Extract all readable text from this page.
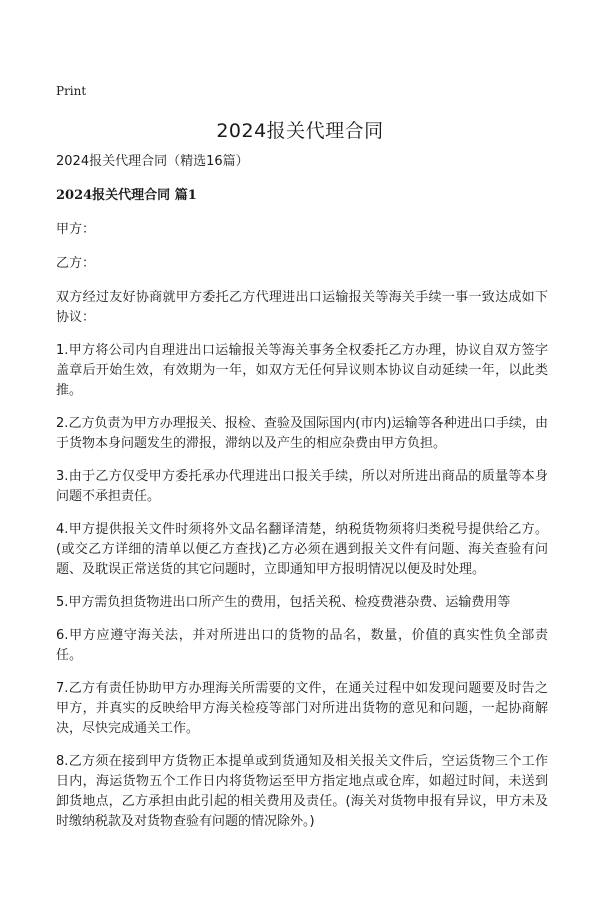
Print
2024报关代理合同

2024报关代理合同（精选16篇）

2024报关代理合同 篇1

甲方：

乙方：

双方经过友好协商就甲方委托乙方代理进出口运输报关等海关手续一事一致达成如下协议：

1.甲方将公司内自理进出口运输报关等海关事务全权委托乙方办理，协议自双方签字盖章后开始生效，有效期为一年，如双方无任何异议则本协议自动延续一年，以此类推。

2.乙方负责为甲方办理报关、报检、查验及国际国内(市内)运输等各种进出口手续，由于货物本身问题发生的滞报，滞纳以及产生的相应杂费由甲方负担。

3.由于乙方仅受甲方委托承办代理进出口报关手续，所以对所进出商品的质量等本身问题不承担责任。

4.甲方提供报关文件时须将外文品名翻译清楚，纳税货物须将归类税号提供给乙方。(或交乙方详细的清单以便乙方查找)乙方必须在遇到报关文件有问题、海关查验有问题、及耽误正常送货的其它问题时，立即通知甲方报明情况以便及时处理。

5.甲方需负担货物进出口所产生的费用，包括关税、检疫费港杂费、运输费用等

6.甲方应遵守海关法，并对所进出口的货物的品名，数量，价值的真实性负全部责任。

7.乙方有责任协助甲方办理海关所需要的文件，在通关过程中如发现问题要及时告之甲方，并真实的反映给甲方海关检疫等部门对所进出货物的意见和问题，一起协商解决，尽快完成通关工作。

8.乙方须在接到甲方货物正本提单或到货通知及相关报关文件后，空运货物三个工作日内，海运货物五个工作日内将货物运至甲方指定地点或仓库，如超过时间，未送到卸货地点，乙方承担由此引起的相关费用及责任。(海关对货物申报有异议，甲方未及时缴纳税款及对货物查验有问题的情况除外。)
